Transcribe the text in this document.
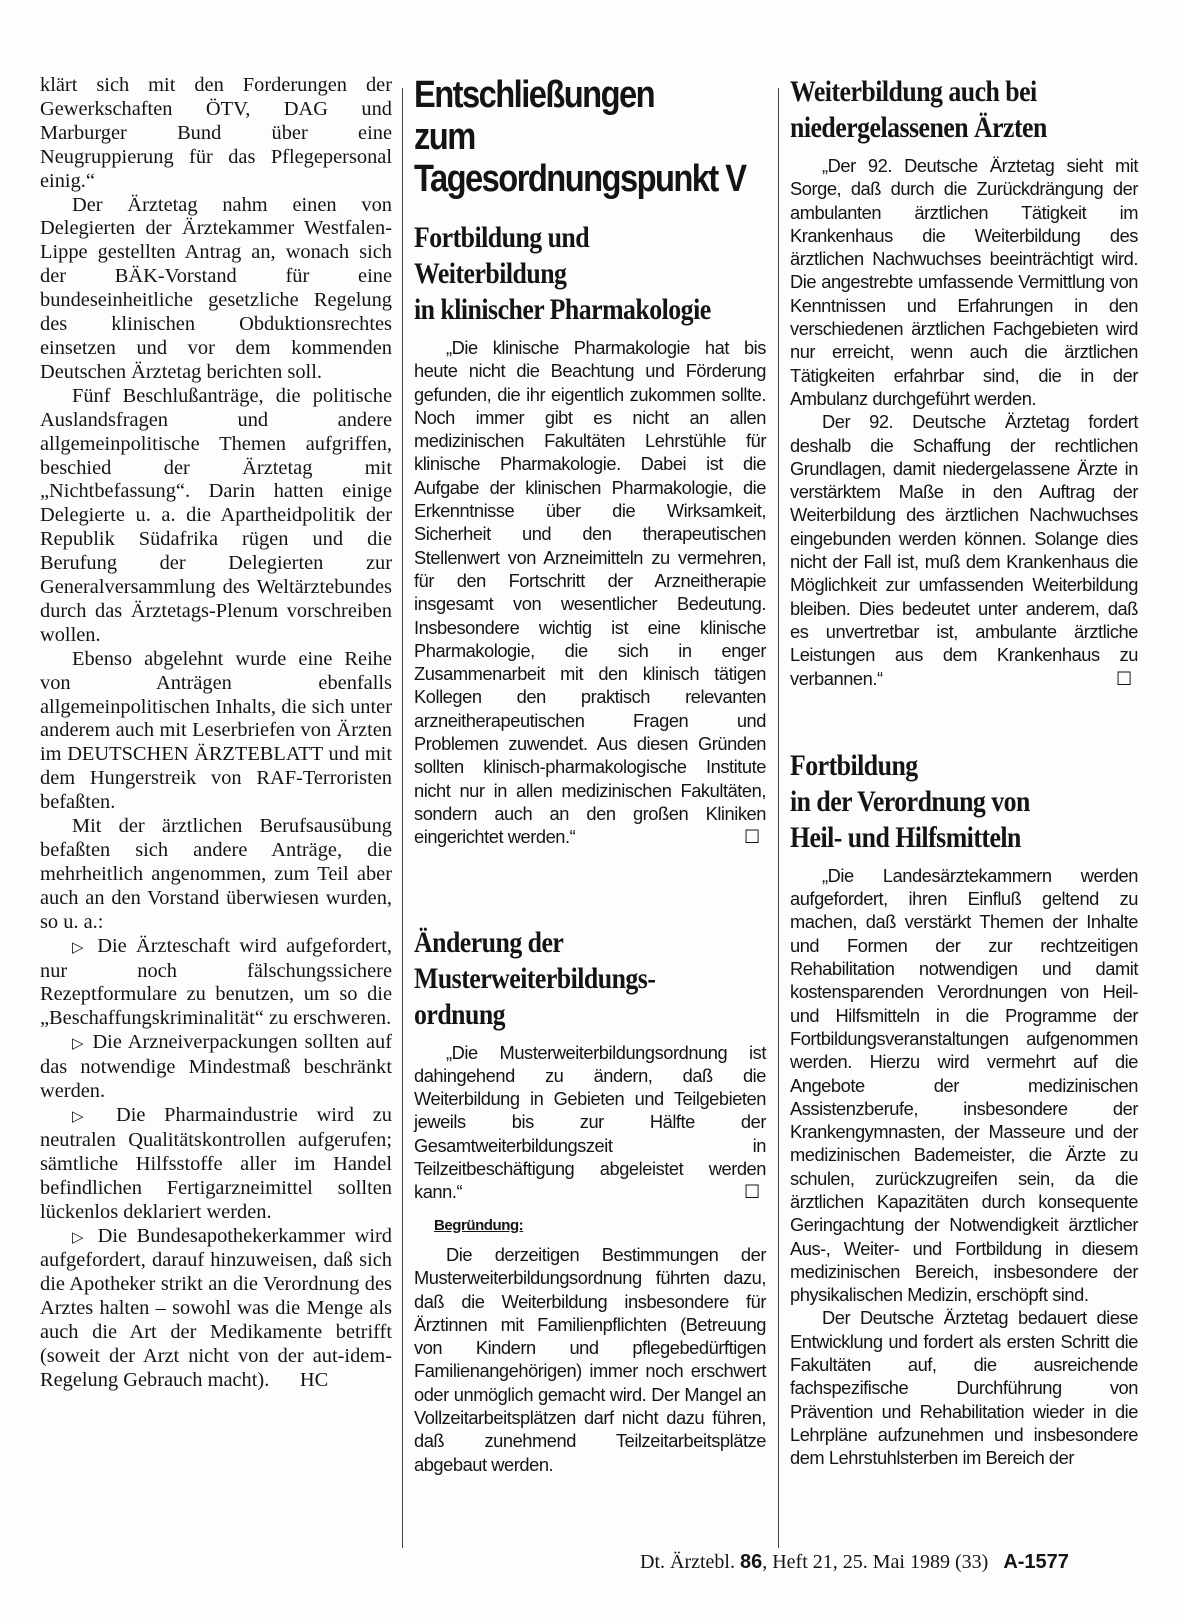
klärt sich mit den Forderungen der Gewerkschaften ÖTV, DAG und Marburger Bund über eine Neugruppierung für das Pflegepersonal einig.“

Der Ärztetag nahm einen von Delegierten der Ärztekammer Westfalen-Lippe gestellten Antrag an, wonach sich der BÄK-Vorstand für eine bundeseinheitliche gesetzliche Regelung des klinischen Obduktionsrechtes einsetzen und vor dem kommenden Deutschen Ärztetag berichten soll.

Fünf Beschlußanträge, die politische Auslandsfragen und andere allgemeinpolitische Themen aufgriffen, beschied der Ärztetag mit „Nichtbefassung“. Darin hatten einige Delegierte u. a. die Apartheidpolitik der Republik Südafrika rügen und die Berufung der Delegierten zur Generalversammlung des Weltärztebundes durch das Ärztetags-Plenum vorschreiben wollen.

Ebenso abgelehnt wurde eine Reihe von Anträgen ebenfalls allgemeinpolitischen Inhalts, die sich unter anderem auch mit Leserbriefen von Ärzten im DEUTSCHEN ÄRZTEBLATT und mit dem Hungerstreik von RAF-Terroristen befaßten.

Mit der ärztlichen Berufsausübung befaßten sich andere Anträge, die mehrheitlich angenommen, zum Teil aber auch an den Vorstand überwiesen wurden, so u. a.:

▷ Die Ärzteschaft wird aufgefordert, nur noch fälschungssichere Rezeptformulare zu benutzen, um so die „Beschaffungskriminalität“ zu erschweren.

▷ Die Arzneiverpackungen sollten auf das notwendige Mindestmaß beschränkt werden.

▷ Die Pharmaindustrie wird zu neutralen Qualitätskontrollen aufgerufen; sämtliche Hilfsstoffe aller im Handel befindlichen Fertigarzneimittel sollten lückenlos deklariert werden.

▷ Die Bundesapothekerkammer wird aufgefordert, darauf hinzuweisen, daß sich die Apotheker strikt an die Verordnung des Arztes halten – sowohl was die Menge als auch die Art der Medikamente betrifft (soweit der Arzt nicht von der aut-idem-Regelung Gebrauch macht). HC

Entschließungen
zum
Tagesordnungspunkt V
Fortbildung und
Weiterbildung
in klinischer Pharmakologie

„Die klinische Pharmakologie hat bis heute nicht die Beachtung und Förderung gefunden, die ihr eigentlich zukommen sollte. Noch immer gibt es nicht an allen medizinischen Fakultäten Lehrstühle für klinische Pharmakologie. Dabei ist die Aufgabe der klinischen Pharmakologie, die Erkenntnisse über die Wirksamkeit, Sicherheit und den therapeutischen Stellenwert von Arzneimitteln zu vermehren, für den Fortschritt der Arzneitherapie insgesamt von wesentlicher Bedeutung. Insbesondere wichtig ist eine klinische Pharmakologie, die sich in enger Zusammenarbeit mit den klinisch tätigen Kollegen den praktisch relevanten arzneitherapeutischen Fragen und Problemen zuwendet. Aus diesen Gründen sollten klinisch-pharmakologische Institute nicht nur in allen medizinischen Fakultäten, sondern auch an den großen Kliniken eingerichtet werden.“	☐

Änderung der
Musterweiterbildungs-
ordnung

„Die Musterweiterbildungsordnung ist dahingehend zu ändern, daß die Weiterbildung in Gebieten und Teilgebieten jeweils bis zur Hälfte der Gesamtweiterbildungszeit in Teilzeitbeschäftigung abgeleistet werden kann.“	☐

Begründung:

Die derzeitigen Bestimmungen der Musterweiterbildungsordnung führten dazu, daß die Weiterbildung insbesondere für Ärztinnen mit Familienpflichten (Betreuung von Kindern und pflegebedürftigen Familienangehörigen) immer noch erschwert oder unmöglich gemacht wird. Der Mangel an Vollzeitarbeitsplätzen darf nicht dazu führen, daß zunehmend Teilzeitarbeitsplätze abgebaut werden.

Weiterbildung auch bei
niedergelassenen Ärzten

„Der 92. Deutsche Ärztetag sieht mit Sorge, daß durch die Zurückdrängung der ambulanten ärztlichen Tätigkeit im Krankenhaus die Weiterbildung des ärztlichen Nachwuchses beeinträchtigt wird. Die angestrebte umfassende Vermittlung von Kenntnissen und Erfahrungen in den verschiedenen ärztlichen Fachgebieten wird nur erreicht, wenn auch die ärztlichen Tätigkeiten erfahrbar sind, die in der Ambulanz durchgeführt werden.

Der 92. Deutsche Ärztetag fordert deshalb die Schaffung der rechtlichen Grundlagen, damit niedergelassene Ärzte in verstärktem Maße in den Auftrag der Weiterbildung des ärztlichen Nachwuchses eingebunden werden können. Solange dies nicht der Fall ist, muß dem Krankenhaus die Möglichkeit zur umfassenden Weiterbildung bleiben. Dies bedeutet unter anderem, daß es unvertretbar ist, ambulante ärztliche Leistungen aus dem Krankenhaus zu verbannen.“	☐

Fortbildung
in der Verordnung von
Heil- und Hilfsmitteln

„Die Landesärztekammern werden aufgefordert, ihren Einfluß geltend zu machen, daß verstärkt Themen der Inhalte und Formen der zur rechtzeitigen Rehabilitation notwendigen und damit kostensparenden Verordnungen von Heil- und Hilfsmitteln in die Programme der Fortbildungsveranstaltungen aufgenommen werden. Hierzu wird vermehrt auf die Angebote der medizinischen Assistenzberufe, insbesondere der Krankengymnasten, der Masseure und der medizinischen Bademeister, die Ärzte zu schulen, zurückzugreifen sein, da die ärztlichen Kapazitäten durch konsequente Geringachtung der Notwendigkeit ärztlicher Aus-, Weiter- und Fortbildung in diesem medizinischen Bereich, insbesondere der physikalischen Medizin, erschöpft sind.

Der Deutsche Ärztetag bedauert diese Entwicklung und fordert als ersten Schritt die Fakultäten auf, die ausreichende fachspezifische Durchführung von Prävention und Rehabilitation wieder in die Lehrpläne aufzunehmen und insbesondere dem Lehrstuhlsterben im Bereich der

Dt. Ärztebl. 86, Heft 21, 25. Mai 1989 (33) A-1577
